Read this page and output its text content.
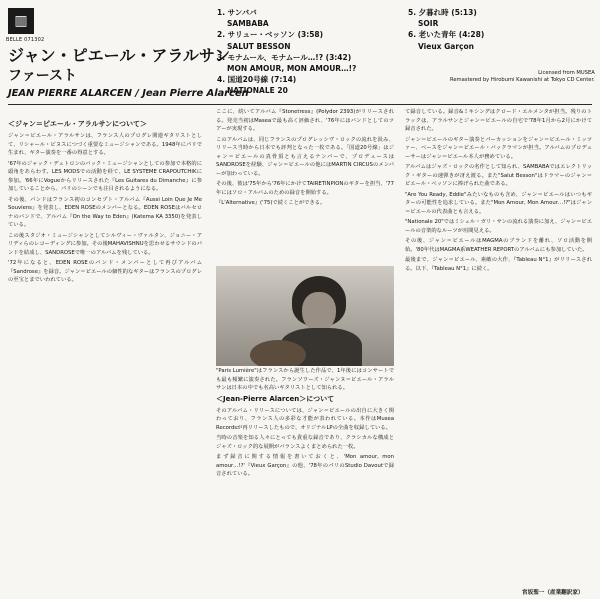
▥
BELLE 071302
ジャン・ピエール・アラルサン
ファースト
JEAN PIERRE ALARCEN / Jean Pierre Alarcen
1. サンババ
SAMBABA
2. サリュー・ベッソン (3:58)
SALUT BESSON
3. モナムール、モナムール…!? (3:42)
MON AMOUR, MON AMOUR…!?
4. 国道20号線 (7:14)
NATIONALE 20
5. 夕暮れ時 (5:13)
SOIR
6. 老いた青年 (4:28)
Vieux Garçon
Licensed from MUSEA
Remastered by Hirobumi Kawanishi at Tokyo CD Center.
＜ジャン＝ピエール・アラルサンについて＞

ジャン＝ピエール・アラルサンは、フランス人のプログレ関連ギタリストとして、リシャール・ピヌスにつづく重要なミュージシャンである。1948年にパリで生まれ、ギター演奏を一番の得意とする。

'67年のジャック・デュトロンのバック・ミュージシャンとしての参加で本格的に頭角をあらわす。LES MODSでの活動を経て、LE SYSTEME CRAPOUTCHIKに参加。'66年にVogueからリリースされた『Les Guitares du Dimanche』に参加していることから、パリのシーンでも注目されるようになる。

その後、バンドはフランス初のコンセプト・アルバム『Aussi Loin Que Je Me Souviens』を発表し、EDEN ROSEのメンバーとなる。EDEN ROSEはバルセロナのバンドで、アルバム『On the Way to Eden』(Katema KA 3350)を発表している。

この後スタジオ・ミュージシャンとしてシルヴィー・ヴァルタン、ジョニー・アリディらのレコーディングに参加。その後MAHAVISHNUを思わせるサウンドのバンドを結成し、SANDROSEで唯一のアルバムを残している。

'72年になると、EDEN ROSEのバンド・メンバーとして再びアルバム『Sandrose』を録音。ジャン＝ピエールの個性的なギターはフランスのプログレの至宝とまでいわれている。

ここに、続いてアルバム『Stonetress』(Polydor 2393)がリリースされる。発売当初はMaseaで最も高く評価され、'76年にはバンドとしてのツアーが実現する。

このアルバムは、同じフランスのプログレッシヴ・ロックの流れを汲み、リリース当時から日本でも評判となった一枚である。「国道20号線」はジャン＝ピエールの真骨頂とも言えるナンバーで、プロデュースはSANDROSEを経験、ジャン＝ピエールの他にはMARTIN CIRCUSのメンバーが加わっている。

その後、彼は'75年から'76年にかけてTAIRETINPIONのギターを担当、'77年にはソロ・アルバムのための録音を開始する。

『L'Alternative』('75)で続くことができる。

"Paris Lumière"はフランスから誕生した作品で、1年後にはコンサートでも最も頻繁に演奏された。フランソワーズ・ジャンヌ＝ピエール・アラルサンは日本の中でも名高いギタリストとして知られる。

＜Jean-Pierre Alarcen＞について

そのアルバム・リリースについては、ジャン＝ピエールの出自に大きく関わっており、フランス人の多彩な才能が表われている。本作はMusea Recordsが再リリースしたもので、オリジナルLPの全曲を収録している。

当時の音楽を知る人々にとっても貴重な録音であり、クラシカルな構成とジャズ・ロック的な展開がバランスよくまとめられた一枚。

まず録音に関する情報を書いておくと、'Mon amour, mon amour…!?'『Vieux Garçon』の他、'78年のパリのStudio Davoutで録音されている。

て録音している。録音&ミキシングはクロード・エルメンタが担当。残りのトラックは、アラルサンとジャン＝ピエールの自宅で'78年1月から2月にかけて録音された。

ジャン＝ピエールのギター演奏とパーカッションをジャン＝ピエール・ミッツァー、ベースをジャン＝ピエール・バックラマンが担当。アルバムのプロデューサーはジャン＝ピエール本人が務めている。

アルバムはジャズ・ロックの名作として知られ、SAMBABAではエレクトリック・ギターの速弾きが冴え渡る。また"Salut Besson"はドラマーのジャン＝ピエール・ベッソンに捧げられた曲である。

"Are You Ready, Eddie"みたいなものも含め、ジャン＝ピエールはいつもギターの可能性を追求している。また"Mon Amour, Mon Amour…!?"はジャン＝ピエールの代表曲とも言える。

"Nationale 20"ではミシェル・ガリ・サンの流れる演奏に加え、ジャン＝ピエールの音楽的なルーツが垣間見える。

その後、ジャン＝ピエールはMAGMAのブランドを離れ、ソロ活動を開始。'80年代はMAGMA系WEATHER REPORTのアルバムにも参加していた。

最後まで、ジャン＝ピエール、素敵の大作、『Tableau N°1』がリリースされる。以下、『Tableau N°1』に続く。

宮坂聖一（産業翻訳家）
